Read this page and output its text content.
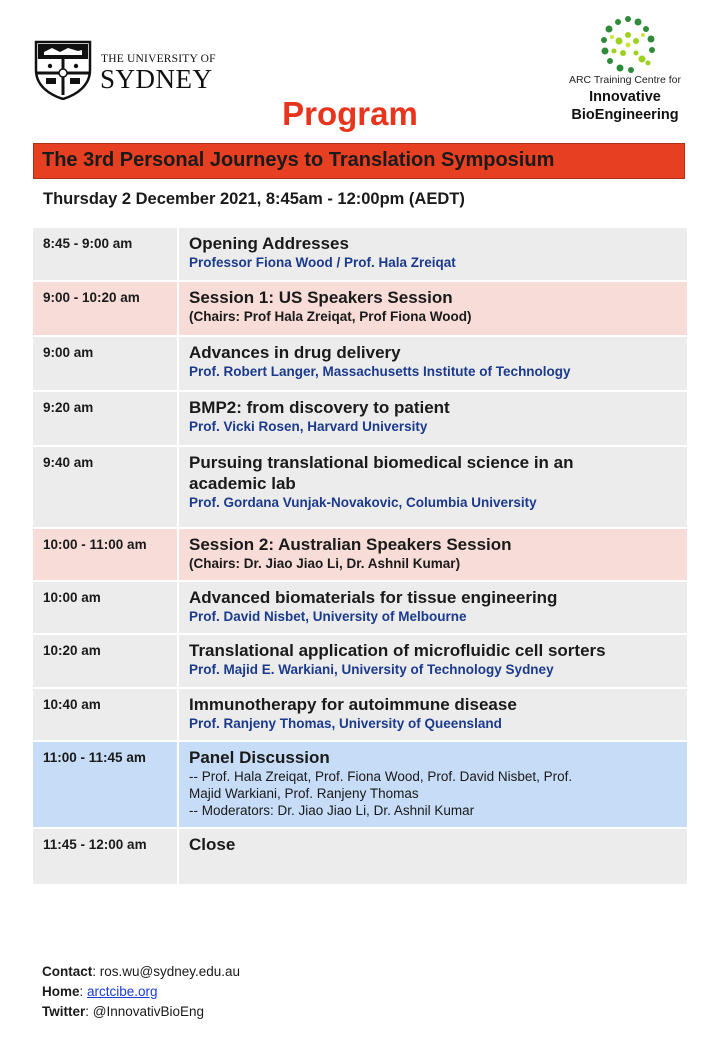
THE UNIVERSITY OF
SYDNEY	ARC Training Centre for
Innovative
BioEngineering
Program
The 3rd Personal Journeys to Translation Symposium
Thursday 2 December 2021, 8:45am - 12:00pm (AEDT)
8:45 - 9:00 am	Opening Addresses
Professor Fiona Wood / Prof. Hala Zreiqat
9:00 - 10:20 am	Session 1: US Speakers Session
(Chairs: Prof Hala Zreiqat, Prof Fiona Wood)
9:00 am	Advances in drug delivery
Prof. Robert Langer, Massachusetts Institute of Technology
9:20 am	BMP2: from discovery to patient
Prof. Vicki Rosen, Harvard University
9:40 am	Pursuing translational biomedical science in an
academic lab
Prof. Gordana Vunjak-Novakovic, Columbia University
10:00 - 11:00 am	Session 2: Australian Speakers Session
(Chairs: Dr. Jiao Jiao Li, Dr. Ashnil Kumar)
10:00 am	Advanced biomaterials for tissue engineering
Prof. David Nisbet, University of Melbourne
10:20 am	Translational application of microfluidic cell sorters
Prof. Majid E. Warkiani, University of Technology Sydney
10:40 am	Immunotherapy for autoimmune disease
Prof. Ranjeny Thomas, University of Queensland
11:00 - 11:45 am	Panel Discussion
-- Prof. Hala Zreiqat, Prof. Fiona Wood, Prof. David Nisbet, Prof.
Majid Warkiani, Prof. Ranjeny Thomas
-- Moderators: Dr. Jiao Jiao Li, Dr. Ashnil Kumar
11:45 - 12:00 am	Close
Contact: ros.wu@sydney.edu.au
Home: arctcibe.org
Twitter: @InnovativBioEng
